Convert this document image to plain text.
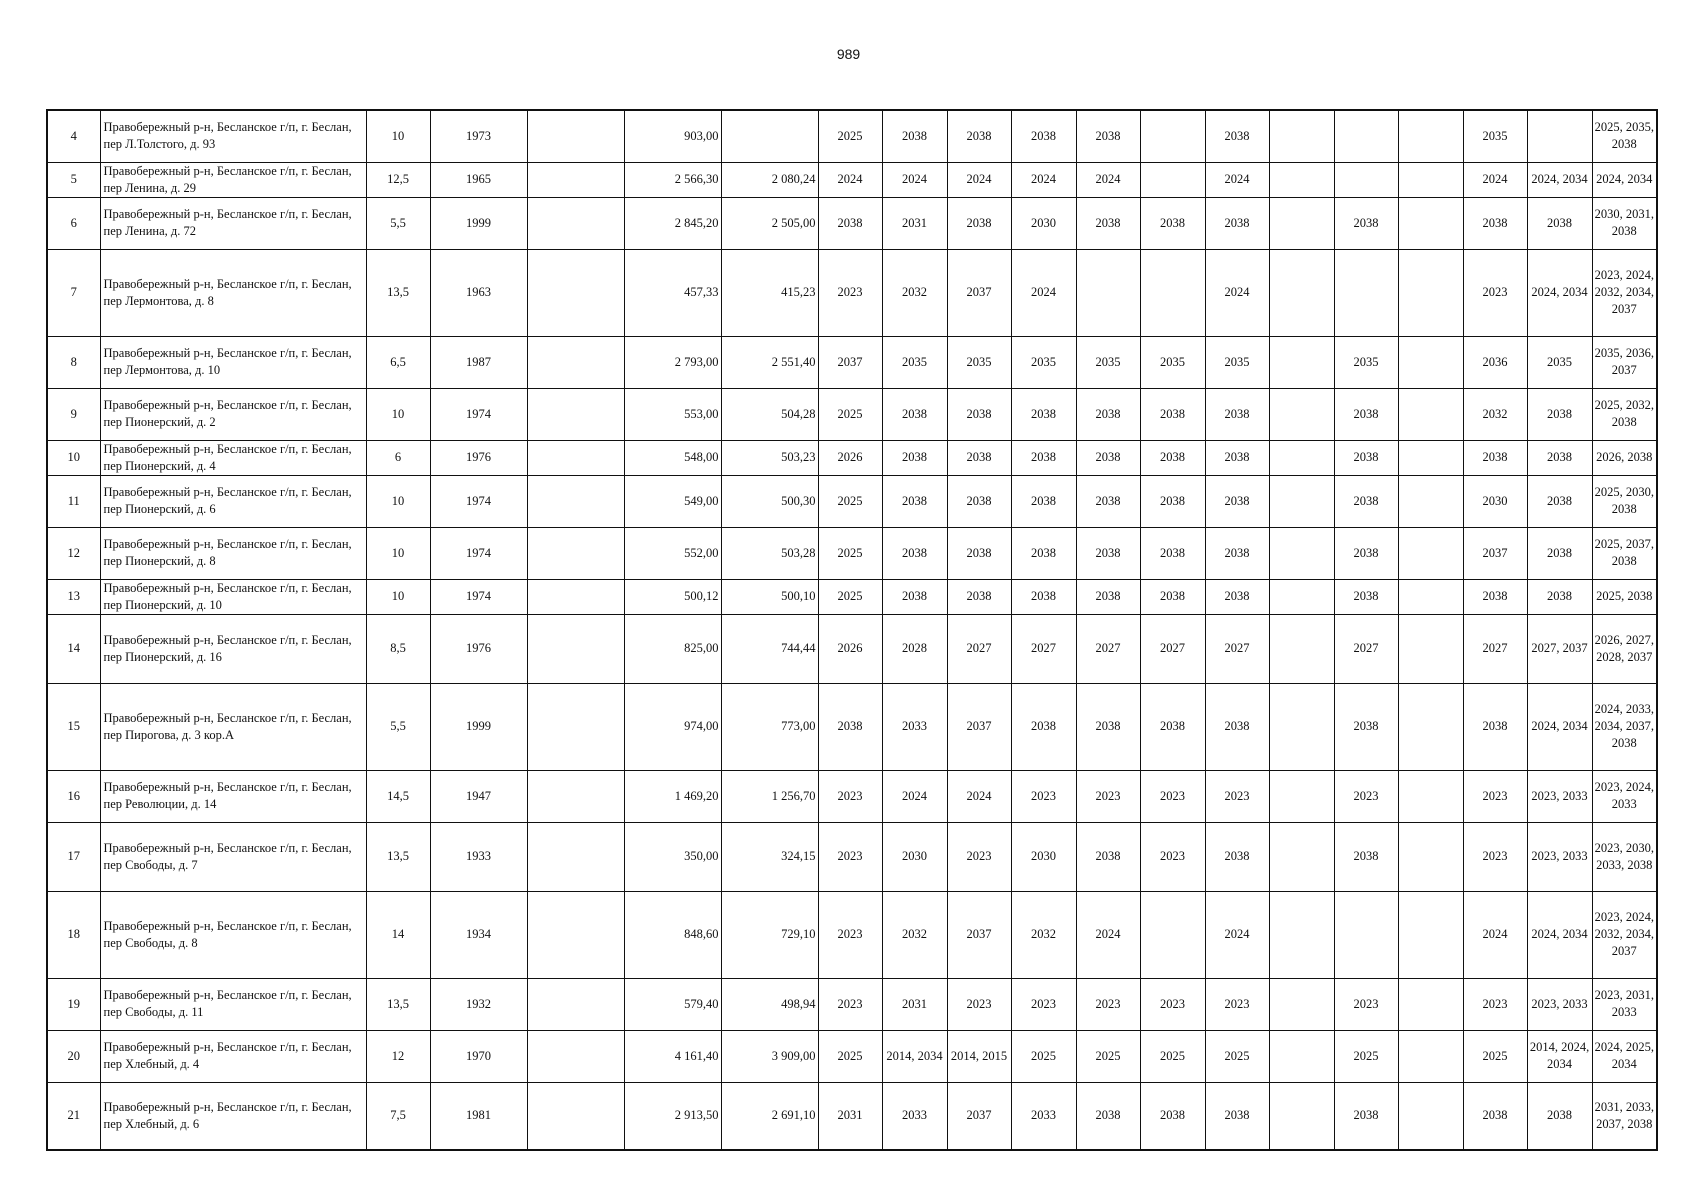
989
4	Правобережный р-н, Бесланское г/п, г. Беслан, пер Л.Толстого, д. 93	10	1973		903,00		2025	2038	2038	2038	2038		2038				2035		2025, 2035, 2038
5	Правобережный р-н, Бесланское г/п, г. Беслан, пер Ленина, д. 29	12,5	1965		2 566,30	2 080,24	2024	2024	2024	2024	2024		2024				2024	2024, 2034	2024, 2034
6	Правобережный р-н, Бесланское г/п, г. Беслан, пер Ленина, д. 72	5,5	1999		2 845,20	2 505,00	2038	2031	2038	2030	2038	2038	2038		2038		2038	2038	2030, 2031, 2038
7	Правобережный р-н, Бесланское г/п, г. Беслан, пер Лермонтова, д. 8	13,5	1963		457,33	415,23	2023	2032	2037	2024			2024				2023	2024, 2034	2023, 2024, 2032, 2034, 2037
8	Правобережный р-н, Бесланское г/п, г. Беслан, пер Лермонтова, д. 10	6,5	1987		2 793,00	2 551,40	2037	2035	2035	2035	2035	2035	2035		2035		2036	2035	2035, 2036, 2037
9	Правобережный р-н, Бесланское г/п, г. Беслан, пер Пионерский, д. 2	10	1974		553,00	504,28	2025	2038	2038	2038	2038	2038	2038		2038		2032	2038	2025, 2032, 2038
10	Правобережный р-н, Бесланское г/п, г. Беслан, пер Пионерский, д. 4	6	1976		548,00	503,23	2026	2038	2038	2038	2038	2038	2038		2038		2038	2038	2026, 2038
11	Правобережный р-н, Бесланское г/п, г. Беслан, пер Пионерский, д. 6	10	1974		549,00	500,30	2025	2038	2038	2038	2038	2038	2038		2038		2030	2038	2025, 2030, 2038
12	Правобережный р-н, Бесланское г/п, г. Беслан, пер Пионерский, д. 8	10	1974		552,00	503,28	2025	2038	2038	2038	2038	2038	2038		2038		2037	2038	2025, 2037, 2038
13	Правобережный р-н, Бесланское г/п, г. Беслан, пер Пионерский, д. 10	10	1974		500,12	500,10	2025	2038	2038	2038	2038	2038	2038		2038		2038	2038	2025, 2038
14	Правобережный р-н, Бесланское г/п, г. Беслан, пер Пионерский, д. 16	8,5	1976		825,00	744,44	2026	2028	2027	2027	2027	2027	2027		2027		2027	2027, 2037	2026, 2027, 2028, 2037
15	Правобережный р-н, Бесланское г/п, г. Беслан, пер Пирогова, д. 3 кор.А	5,5	1999		974,00	773,00	2038	2033	2037	2038	2038	2038	2038		2038		2038	2024, 2034	2024, 2033, 2034, 2037, 2038
16	Правобережный р-н, Бесланское г/п, г. Беслан, пер Революции, д. 14	14,5	1947		1 469,20	1 256,70	2023	2024	2024	2023	2023	2023	2023		2023		2023	2023, 2033	2023, 2024, 2033
17	Правобережный р-н, Бесланское г/п, г. Беслан, пер Свободы, д. 7	13,5	1933		350,00	324,15	2023	2030	2023	2030	2038	2023	2038		2038		2023	2023, 2033	2023, 2030, 2033, 2038
18	Правобережный р-н, Бесланское г/п, г. Беслан, пер Свободы, д. 8	14	1934		848,60	729,10	2023	2032	2037	2032	2024		2024				2024	2024, 2034	2023, 2024, 2032, 2034, 2037
19	Правобережный р-н, Бесланское г/п, г. Беслан, пер Свободы, д. 11	13,5	1932		579,40	498,94	2023	2031	2023	2023	2023	2023	2023		2023		2023	2023, 2033	2023, 2031, 2033
20	Правобережный р-н, Бесланское г/п, г. Беслан, пер Хлебный, д. 4	12	1970		4 161,40	3 909,00	2025	2014, 2034	2014, 2015	2025	2025	2025	2025		2025		2025	2014, 2024, 2034	2024, 2025, 2034
21	Правобережный р-н, Бесланское г/п, г. Беслан, пер Хлебный, д. 6	7,5	1981		2 913,50	2 691,10	2031	2033	2037	2033	2038	2038	2038		2038		2038	2038	2031, 2033, 2037, 2038
